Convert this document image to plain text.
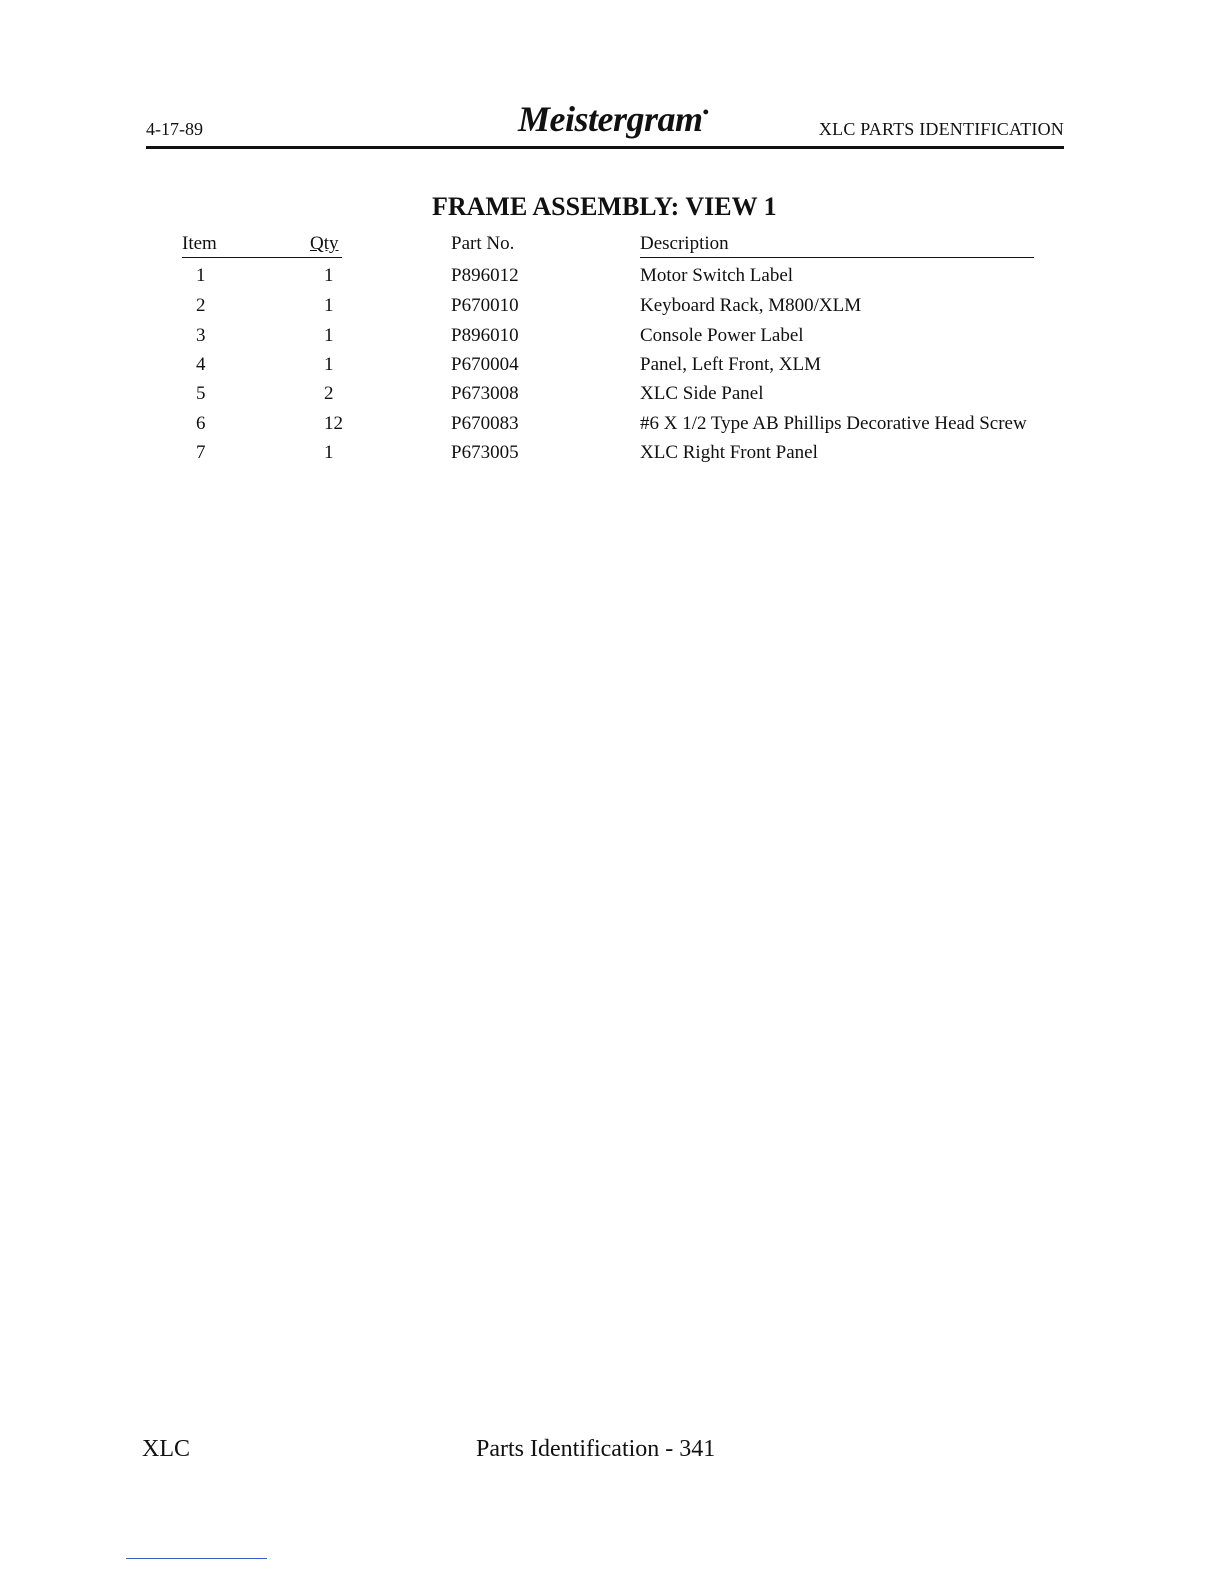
4-17-89	Meistergram•
XLC PARTS IDENTIFICATION
FRAME ASSEMBLY: VIEW 1
Item	Qty	Part No.	Description
1	1	P896012	Motor Switch Label
2	1	P670010	Keyboard Rack, M800/XLM
3	1	P896010	Console Power Label
4	1	P670004	Panel, Left Front, XLM
5	2	P673008	XLC Side Panel
6	12	P670083	#6 X 1/2 Type AB Phillips Decorative Head Screw
7	1	P673005	XLC Right Front Panel
XLC	Parts Identification - 341
